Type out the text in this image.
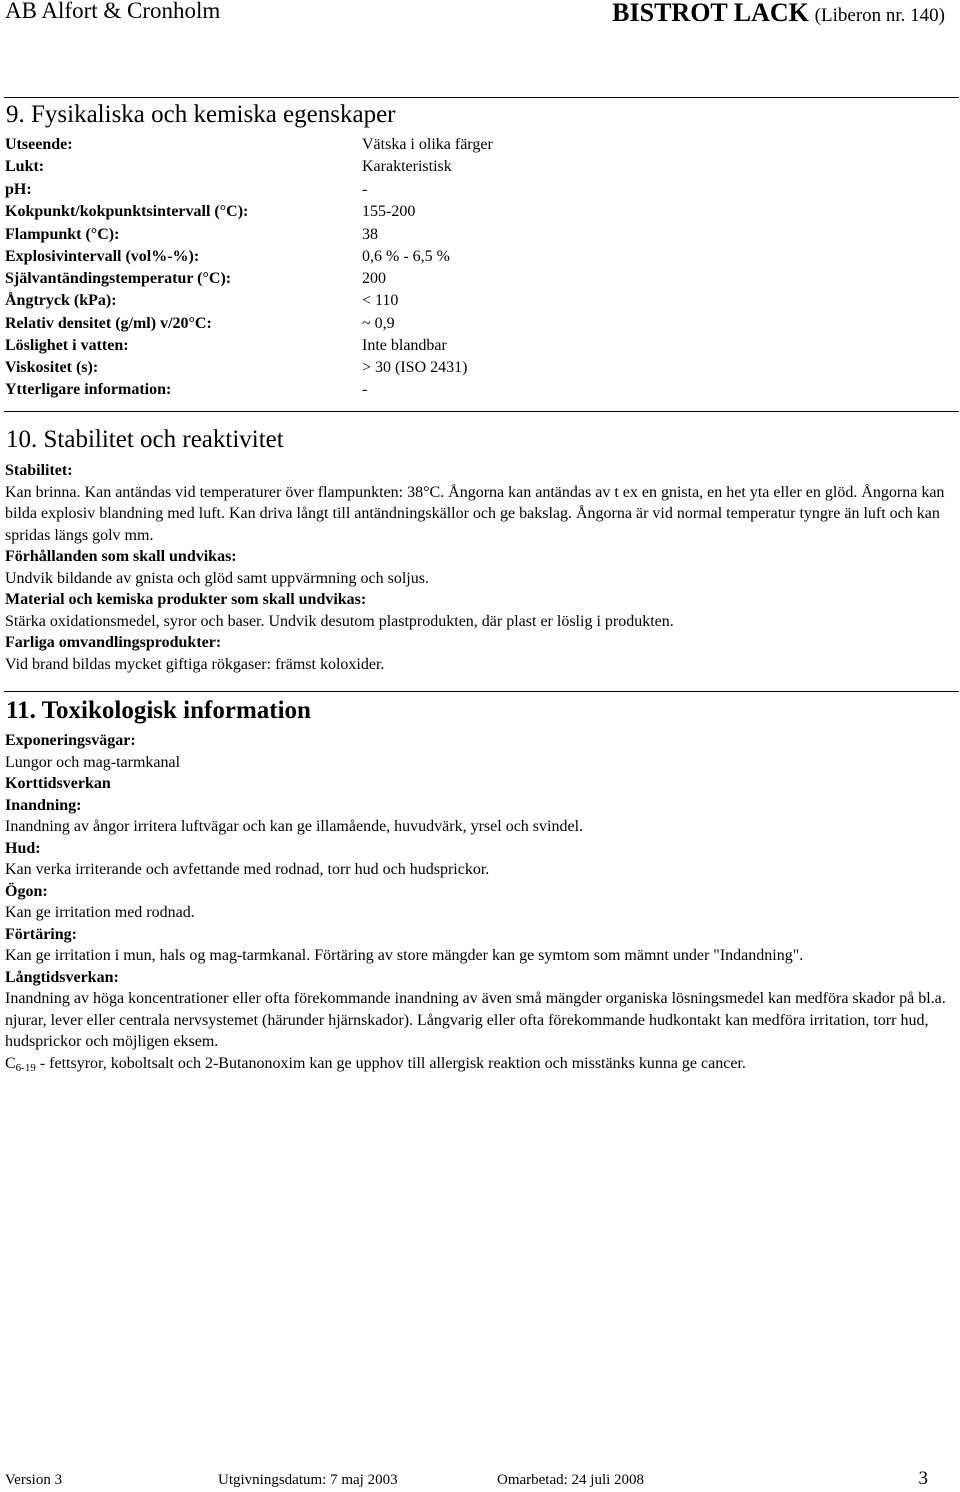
AB Alfort & Cronholm	BISTROT LACK (Liberon nr. 140)
9. Fysikaliska och kemiska egenskaper
Utseende:	Vätska i olika färger
Lukt:	Karakteristisk
pH:	-
Kokpunkt/kokpunktsintervall (°C):	155-200
Flampunkt (°C):	38
Explosivintervall (vol%-%):	0,6 % - 6,5 %
Självantändingstemperatur (°C):	200
Ångtryck (kPa):	< 110
Relativ densitet (g/ml) v/20°C:	~ 0,9
Löslighet i vatten:	Inte blandbar
Viskositet (s):	> 30 (ISO 2431)
Ytterligare information:	-
10. Stabilitet och reaktivitet

Stabilitet:

Kan brinna. Kan antändas vid temperaturer över flampunkten: 38°C. Ångorna kan antändas av t ex en gnista, en het yta eller en glöd. Ångorna kan bilda explosiv blandning med luft. Kan driva långt till antändningskällor och ge bakslag. Ångorna är vid normal temperatur tyngre än luft och kan spridas längs golv mm.

Förhållanden som skall undvikas:

Undvik bildande av gnista och glöd samt uppvärmning och soljus.

Material och kemiska produkter som skall undvikas:

Stärka oxidationsmedel, syror och baser. Undvik desutom plastprodukten, där plast er löslig i produkten.

Farliga omvandlingsprodukter:

Vid brand bildas mycket giftiga rökgaser: främst koloxider.

11. Toxikologisk information

Exponeringsvägar:

Lungor och mag-tarmkanal

Korttidsverkan

Inandning:

Inandning av ångor irritera luftvägar och kan ge illamående, huvudvärk, yrsel och svindel.

Hud:

Kan verka irriterande och avfettande med rodnad, torr hud och hudsprickor.

Ögon:

Kan ge irritation med rodnad.

Förtäring:

Kan ge irritation i mun, hals og mag-tarmkanal. Förtäring av store mängder kan ge symtom som mämnt under "Indandning".

Långtidsverkan:

Inandning av höga koncentrationer eller ofta förekommande inandning av även små mängder organiska lösningsmedel kan medföra skador på bl.a. njurar, lever eller centrala nervsystemet (härunder hjärnskador). Långvarig eller ofta förekommande hudkontakt kan medföra irritation, torr hud, hudsprickor och möjligen eksem.

$C_{6-19}$ - fettsyror, koboltsalt och 2-Butanonoxim kan ge upphov till allergisk reaktion och misstänks kunna ge cancer.

Version 3	Utgivningsdatum: 7 maj 2003	Omarbetad: 24 juli 2008	3
